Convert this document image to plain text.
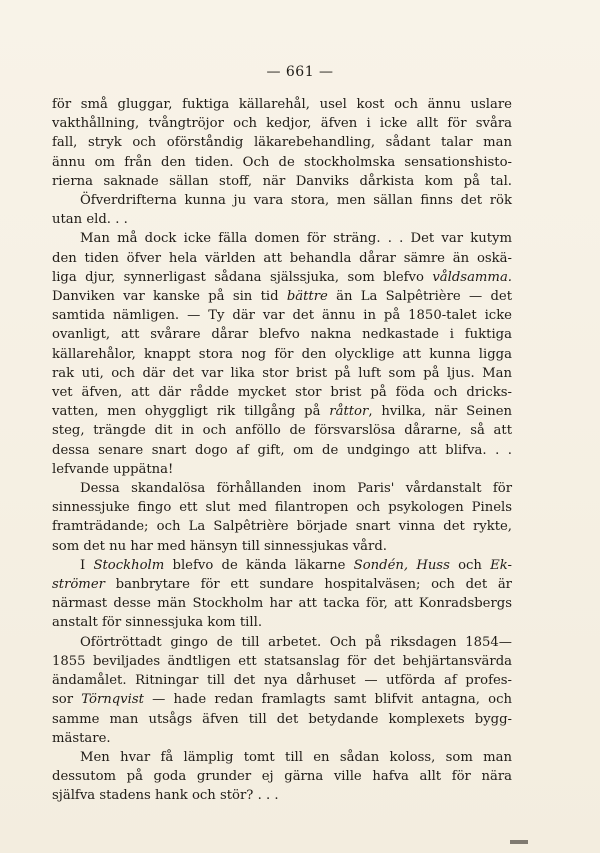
— 661 —
för små gluggar, fuktiga källarehål, usel kost och ännu uslare
vakthållning, tvångtröjor och kedjor, äfven i icke allt för svåra
fall, stryk och oförståndig läkarebehandling, sådant talar man
ännu om från den tiden. Och de stockholmska sensationshisto-
rierna saknade sällan stoff, när Danviks dårkista kom på tal.
Öfverdrifterna kunna ju vara stora, men sällan finns det rök
utan eld. . .
Man må dock icke fälla domen för sträng. . . Det var kutym
den tiden öfver hela världen att behandla dårar sämre än oskä-
liga djur, synnerligast sådana själssjuka, som blefvo våldsamma.
Danviken var kanske på sin tid bättre än La Salpêtrière — det
samtida nämligen. — Ty där var det ännu in på 1850-talet icke
ovanligt, att svårare dårar blefvo nakna nedkastade i fuktiga
källarehålor, knappt stora nog för den olycklige att kunna ligga
rak uti, och där det var lika stor brist på luft som på ljus. Man
vet äfven, att där rådde mycket stor brist på föda och dricks-
vatten, men ohyggligt rik tillgång på råttor, hvilka, när Seinen
steg, trängde dit in och anföllo de försvarslösa dårarne, så att
dessa senare snart dogo af gift, om de undgingo att blifva. . .
lefvande uppätna!
Dessa skandalösa förhållanden inom Paris' vårdanstalt för
sinnessjuke fingo ett slut med filantropen och psykologen Pinels
framträdande; och La Salpêtrière började snart vinna det rykte,
som det nu har med hänsyn till sinnessjukas vård.
I Stockholm blefvo de kända läkarne Sondén, Huss och Ek-
strömer banbrytare för ett sundare hospitalväsen; och det är
närmast desse män Stockholm har att tacka för, att Konradsbergs
anstalt för sinnessjuka kom till.
Oförtröttadt gingo de till arbetet. Och på riksdagen 1854—
1855 beviljades ändtligen ett statsanslag för det behjärtansvärda
ändamålet. Ritningar till det nya dårhuset — utförda af profes-
sor Törnqvist — hade redan framlagts samt blifvit antagna, och
samme man utsågs äfven till det betydande komplexets bygg-
mästare.
Men hvar få lämplig tomt till en sådan koloss, som man
dessutom på goda grunder ej gärna ville hafva allt för nära
själfva stadens hank och stör? . . .
